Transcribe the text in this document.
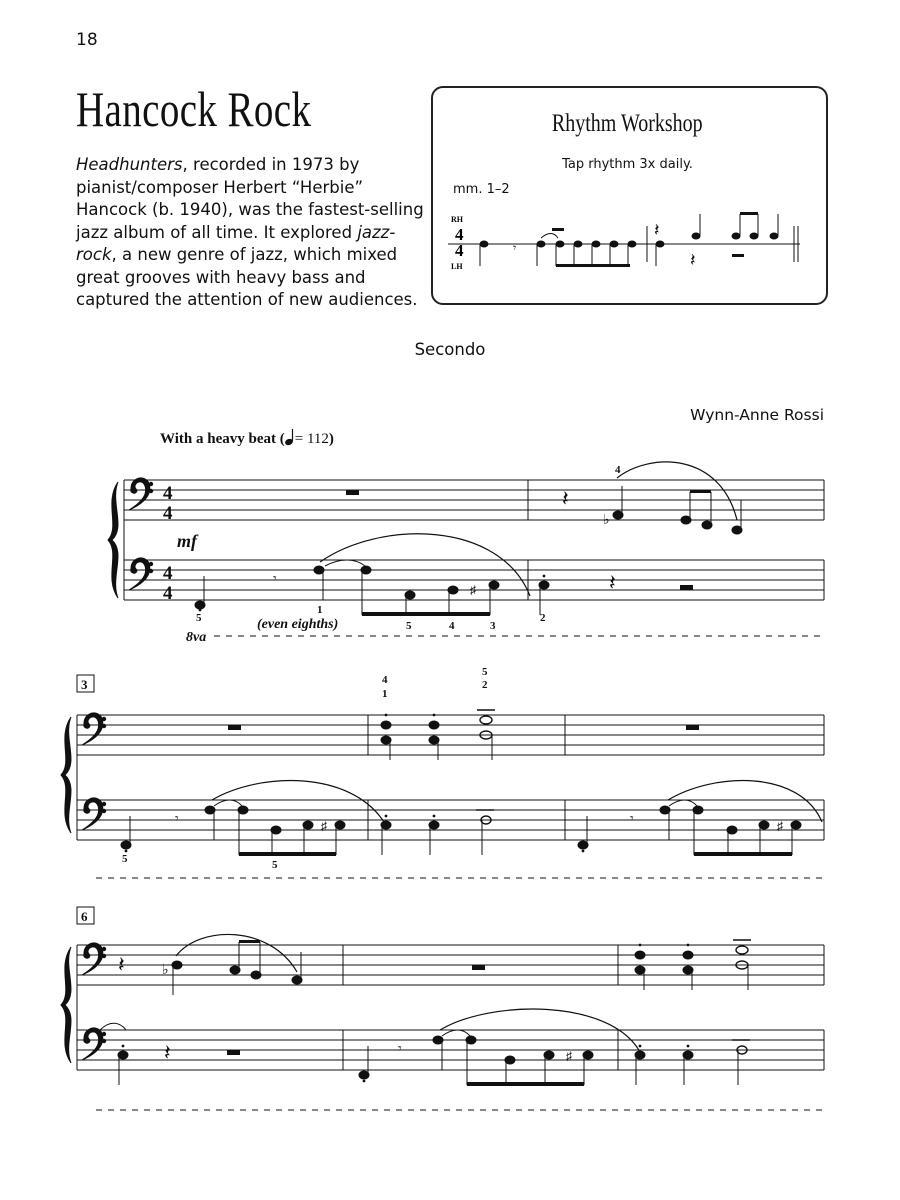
18
Hancock Rock
Headhunters, recorded in 1973 by pianist/composer Herbert “Herbie” Hancock (b. 1940), was the fastest-selling jazz album of all time. It explored jazz-rock, a new genre of jazz, which mixed great grooves with heavy bass and captured the attention of new audiences.
Rhythm Workshop
Tap rhythm 3x daily.
mm. 1–2
Secondo
Wynn-Anne Rossi
With a heavy beat ( = 112)
RH
LH
4
4	𝄾
𝄽
𝄽
4
4
4
4
𝄽
♭
4
mf
5
𝄾
1
♯
5	4	3
(even eighths)	2
𝄽
8va
3
5
𝄾	♯
5
4
1
5
2
𝄾	♯
6
𝄽	♭
𝄽	𝄾	♯
